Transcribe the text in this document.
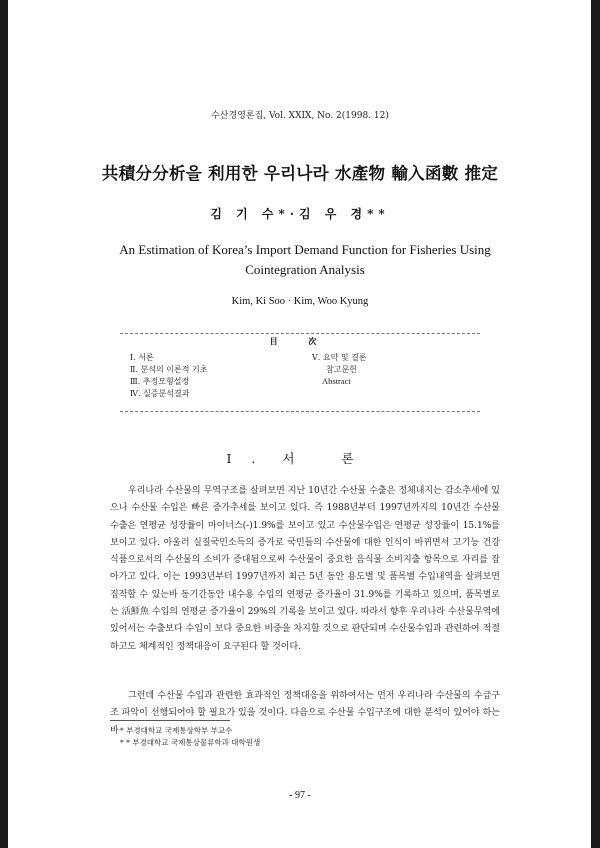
수산경영론집, Vol. XXIX, No. 2(1998. 12)
共積分分析을 利用한 우리나라 水產物 輸入函數 推定
김 기 수*·김 우 경**
An Estimation of Korea’s Import Demand Function for Fisheries Using
Cointegration Analysis
Kim, Ki Soo · Kim, Woo Kyung
目 次
Ⅰ. 서론
Ⅱ. 분석의 이론적 기초
Ⅲ. 추정모형설정
Ⅳ. 실증분석결과
Ⅴ. 요약 및 결론
참고문헌
Abstract
Ⅰ. 서 론
우리나라 수산물의 무역구조를 살펴보면 지난 10년간 수산물 수출은 정체내지는 감소추세에 있으나 수산물 수입은 빠른 증가추세를 보이고 있다. 즉 1988년부터 1997년까지의 10년간 수산물 수출은 연평균 성장률이 마이너스(-)1.9%를 보이고 있고 수산물수입은 연평균 성장률이 15.1%를 보이고 있다. 아울러 실질국민소득의 증가로 국민들의 수산물에 대한 인식이 바뀌면서 고기능 건강식품으로서의 수산물의 소비가 증대됨으로써 수산물이 중요한 음식물 소비지출 항목으로 자리를 잡아가고 있다. 이는 1993년부터 1997년까지 최근 5년 동안 용도별 및 품목별 수입내역을 살펴보면 짐작할 수 있는바 동기간동안 내수용 수입의 연평균 증가율이 31.9%를 기록하고 있으며, 품목별로는 活鮮魚 수입의 연평균 증가율이 29%의 기록을 보이고 있다. 따라서 향후 우리나라 수산물무역에 있어서는 수출보다 수입이 보다 중요한 비중을 차지할 것으로 판단되며 수산물수입과 관련하여 적절하고도 체계적인 정책대응이 요구된다 할 것이다.
그런데 수산물 수입과 관련한 효과적인 정책대응을 위하여서는 먼저 우리나라 수산물의 수급구조 파악이 선행되어야 할 필요가 있을 것이다. 다음으로 수산물 수입구조에 대한 분석이 있어야 하는바 * 부경대학교 국제통상학부 부교수
* * 부경대학교 국제통상물류학과 대학원생
- 97 -
